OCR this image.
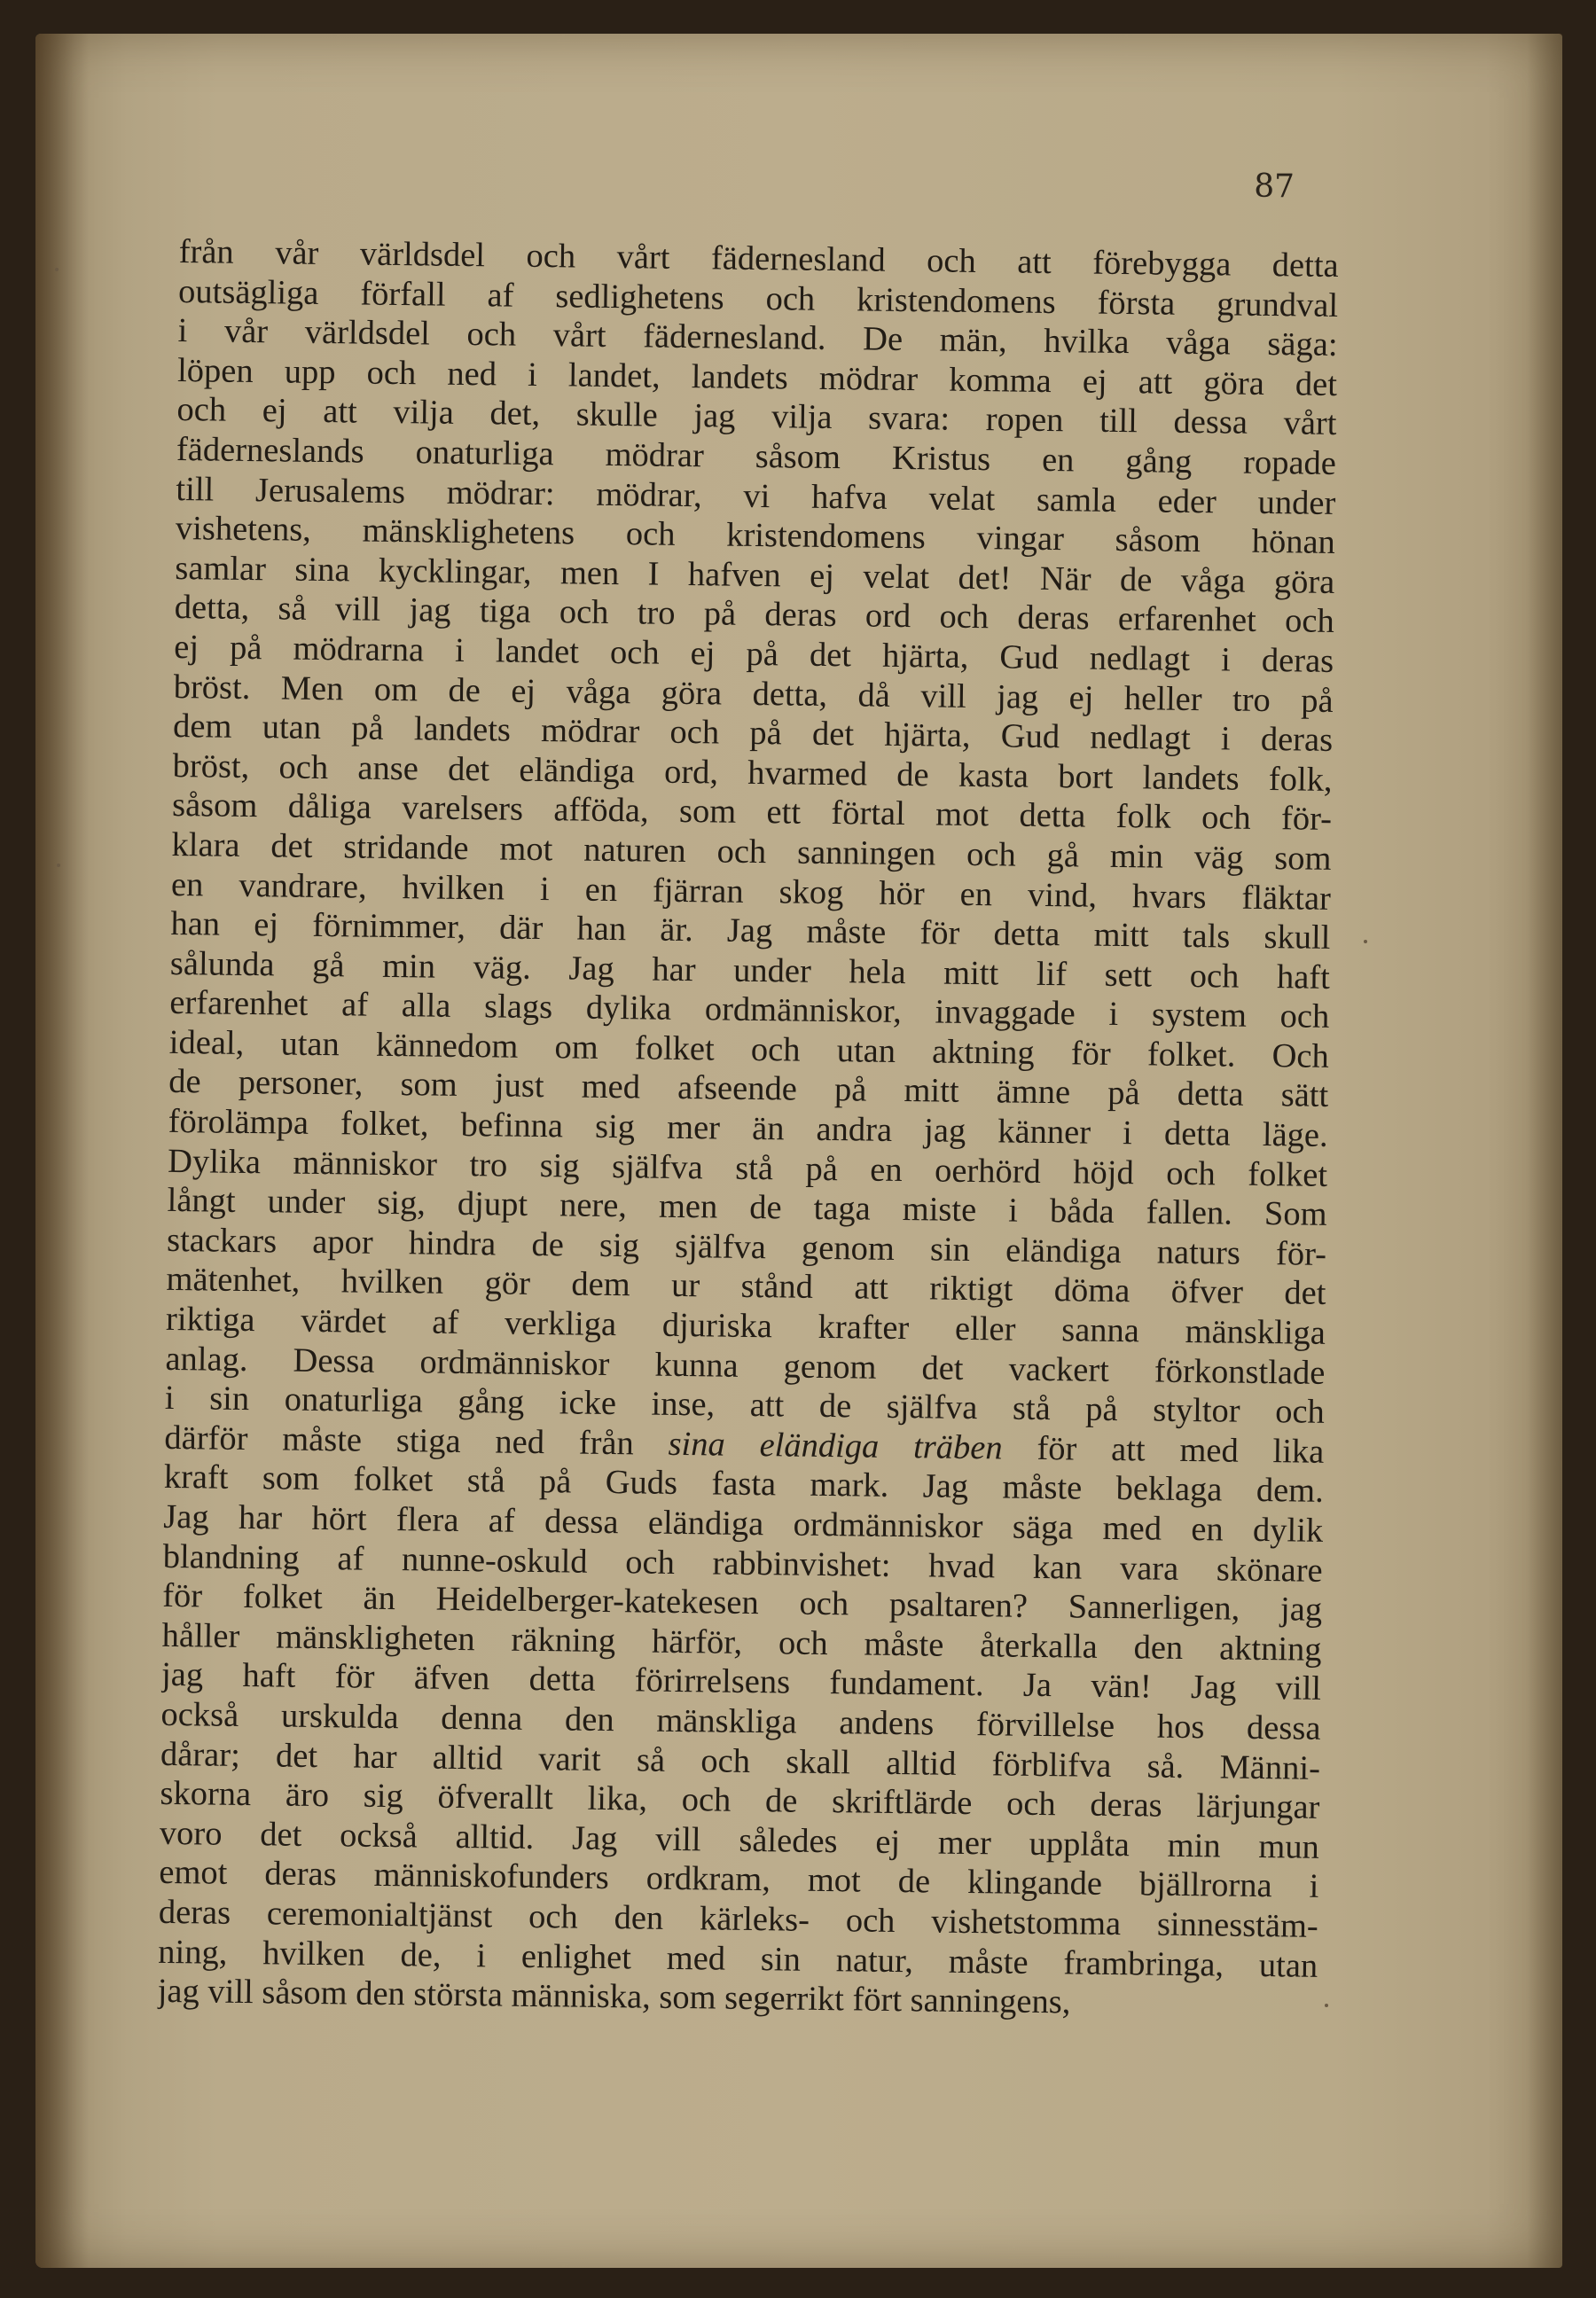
87
från vår världsdel och vårt fädernesland och att förebygga detta
outsägliga förfall af sedlighetens och kristendomens första grundval
i vår världsdel och vårt fädernesland. De män, hvilka våga säga:
löpen upp och ned i landet, landets mödrar komma ej att göra det
och ej att vilja det, skulle jag vilja svara: ropen till dessa vårt
fäderneslands onaturliga mödrar såsom Kristus en gång ropade
till Jerusalems mödrar: mödrar, vi hafva velat samla eder under
vishetens, mänsklighetens och kristendomens vingar såsom hönan
samlar sina kycklingar, men I hafven ej velat det! När de våga göra
detta, så vill jag tiga och tro på deras ord och deras erfarenhet och
ej på mödrarna i landet och ej på det hjärta, Gud nedlagt i deras
bröst. Men om de ej våga göra detta, då vill jag ej heller tro på
dem utan på landets mödrar och på det hjärta, Gud nedlagt i deras
bröst, och anse det eländiga ord, hvarmed de kasta bort landets folk,
såsom dåliga varelsers afföda, som ett förtal mot detta folk och för-
klara det stridande mot naturen och sanningen och gå min väg som
en vandrare, hvilken i en fjärran skog hör en vind, hvars fläktar
han ej förnimmer, där han är. Jag måste för detta mitt tals skull
sålunda gå min väg. Jag har under hela mitt lif sett och haft
erfarenhet af alla slags dylika ordmänniskor, invaggade i system och
ideal, utan kännedom om folket och utan aktning för folket. Och
de personer, som just med afseende på mitt ämne på detta sätt
förolämpa folket, befinna sig mer än andra jag känner i detta läge.
Dylika människor tro sig själfva stå på en oerhörd höjd och folket
långt under sig, djupt nere, men de taga miste i båda fallen. Som
stackars apor hindra de sig själfva genom sin eländiga naturs för-
mätenhet, hvilken gör dem ur stånd att riktigt döma öfver det
riktiga värdet af verkliga djuriska krafter eller sanna mänskliga
anlag. Dessa ordmänniskor kunna genom det vackert förkonstlade
i sin onaturliga gång icke inse, att de själfva stå på styltor och
därför måste stiga ned från sina eländiga träben för att med lika
kraft som folket stå på Guds fasta mark. Jag måste beklaga dem.
Jag har hört flera af dessa eländiga ordmänniskor säga med en dylik
blandning af nunne-oskuld och rabbinvishet: hvad kan vara skönare
för folket än Heidelberger-katekesen och psaltaren? Sannerligen, jag
håller mänskligheten räkning härför, och måste återkalla den aktning
jag haft för äfven detta förirrelsens fundament. Ja vän! Jag vill
också urskulda denna den mänskliga andens förvillelse hos dessa
dårar; det har alltid varit så och skall alltid förblifva så. Männi-
skorna äro sig öfverallt lika, och de skriftlärde och deras lärjungar
voro det också alltid. Jag vill således ej mer upplåta min mun
emot deras människofunders ordkram, mot de klingande bjällrorna i
deras ceremonialtjänst och den kärleks- och vishetstomma sinnesstäm-
ning, hvilken de, i enlighet med sin natur, måste frambringa, utan
jag vill såsom den största människa, som segerrikt fört sanningens,
